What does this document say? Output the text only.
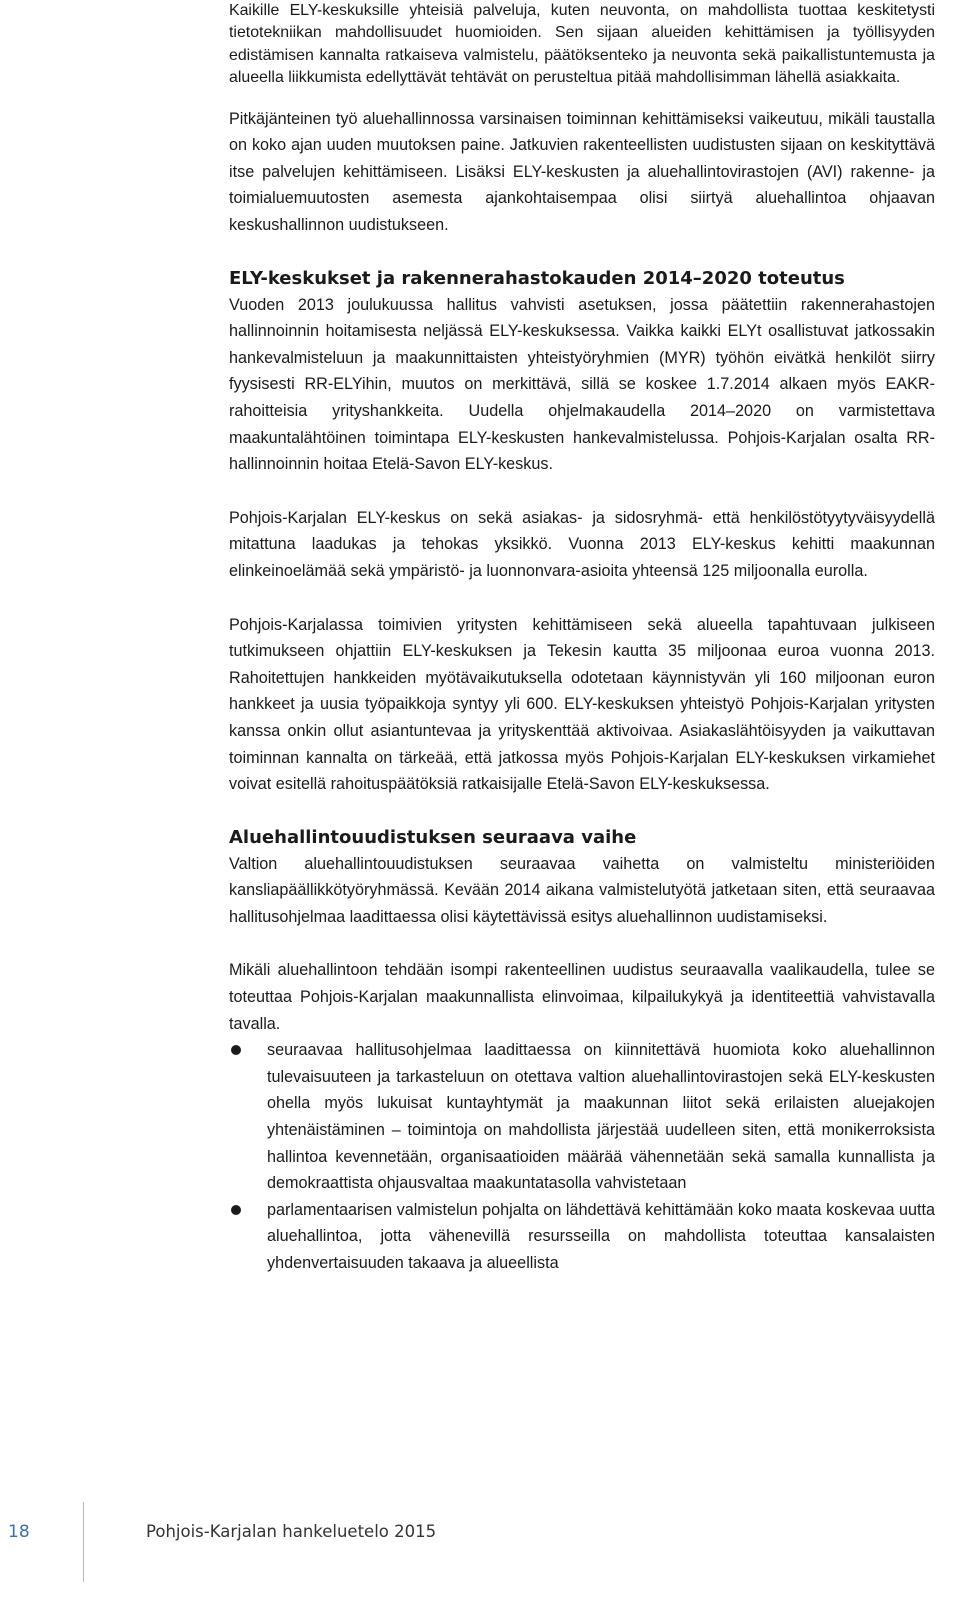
Kaikille ELY-keskuksille yhteisiä palveluja, kuten neuvonta, on mahdollista tuottaa keskitetysti tietotekniikan mahdollisuudet huomioiden. Sen sijaan alueiden kehittämisen ja työllisyyden edistämisen kannalta ratkaiseva valmistelu, päätöksenteko ja neuvonta sekä paikallistuntemusta ja alueella liikkumista edellyttävät tehtävät on perusteltua pitää mahdollisimman lähellä asiakkaita.

Pitkäjänteinen työ aluehallinnossa varsinaisen toiminnan kehittämiseksi vaikeutuu, mikäli taustalla on koko ajan uuden muutoksen paine. Jatkuvien rakenteellisten uudistusten sijaan on keskityttävä itse palvelujen kehittämiseen. Lisäksi ELY-keskusten ja aluehallintovirastojen (AVI) rakenne- ja toimialuemuutosten asemesta ajankohtaisempaa olisi siirtyä aluehallintoa ohjaavan keskushallinnon uudistukseen.

ELY-keskukset ja rakennerahastokauden 2014–2020 toteutus

Vuoden 2013 joulukuussa hallitus vahvisti asetuksen, jossa päätettiin rakennerahastojen hallinnoinnin hoitamisesta neljässä ELY-keskuksessa. Vaikka kaikki ELYt osallistuvat jatkossakin hankevalmisteluun ja maakunnittaisten yhteistyöryhmien (MYR) työhön eivätkä henkilöt siirry fyysisesti RR-ELYihin, muutos on merkittävä, sillä se koskee 1.7.2014 alkaen myös EAKR-rahoitteisia yrityshankkeita. Uudella ohjelmakaudella 2014–2020 on varmistettava maakuntalähtöinen toimintapa ELY-keskusten hankevalmistelussa. Pohjois-Karjalan osalta RR-hallinnoinnin hoitaa Etelä-Savon ELY-keskus.

Pohjois-Karjalan ELY-keskus on sekä asiakas- ja sidosryhmä- että henkilöstötyytyväisyydellä mitattuna laadukas ja tehokas yksikkö. Vuonna 2013 ELY-keskus kehitti maakunnan elinkeinoelämää sekä ympäristö- ja luonnonvara-asioita yhteensä 125 miljoonalla eurolla.

Pohjois-Karjalassa toimivien yritysten kehittämiseen sekä alueella tapahtuvaan julkiseen tutkimukseen ohjattiin ELY-keskuksen ja Tekesin kautta 35 miljoonaa euroa vuonna 2013. Rahoitettujen hankkeiden myötävaikutuksella odotetaan käynnistyvän yli 160 miljoonan euron hankkeet ja uusia työpaikkoja syntyy yli 600. ELY-keskuksen yhteistyö Pohjois-Karjalan yritysten kanssa onkin ollut asiantuntevaa ja yrityskenttää aktivoivaa. Asiakaslähtöisyyden ja vaikuttavan toiminnan kannalta on tärkeää, että jatkossa myös Pohjois-Karjalan ELY-keskuksen virkamiehet voivat esitellä rahoituspäätöksiä ratkaisijalle Etelä-Savon ELY-keskuksessa.

Aluehallintouudistuksen seuraava vaihe

Valtion aluehallintouudistuksen seuraavaa vaihetta on valmisteltu ministeriöiden kansliapäällikkötyöryhmässä. Kevään 2014 aikana valmistelutyötä jatketaan siten, että seuraavaa hallitusohjelmaa laadittaessa olisi käytettävissä esitys aluehallinnon uudistamiseksi.

Mikäli aluehallintoon tehdään isompi rakenteellinen uudistus seuraavalla vaalikaudella, tulee se toteuttaa Pohjois-Karjalan maakunnallista elinvoimaa, kilpailukykyä ja identiteettiä vahvistavalla tavalla.

seuraavaa hallitusohjelmaa laadittaessa on kiinnitettävä huomiota koko aluehallinnon tulevaisuuteen ja tarkasteluun on otettava valtion aluehallintovirastojen sekä ELY-keskusten ohella myös lukuisat kuntayhtymät ja maakunnan liitot sekä erilaisten aluejakojen yhtenäistäminen – toimintoja on mahdollista järjestää uudelleen siten, että monikerroksista hallintoa kevennetään, organisaatioiden määrää vähennetään sekä samalla kunnallista ja demokraattista ohjausvaltaa maakuntatasolla vahvistetaan
parlamentaarisen valmistelun pohjalta on lähdettävä kehittämään koko maata koskevaa uutta aluehallintoa, jotta vähenevillä resursseilla on mahdollista toteuttaa kansalaisten yhdenvertaisuuden takaava ja alueellista
18	Pohjois-Karjalan hankeluetelo 2015
